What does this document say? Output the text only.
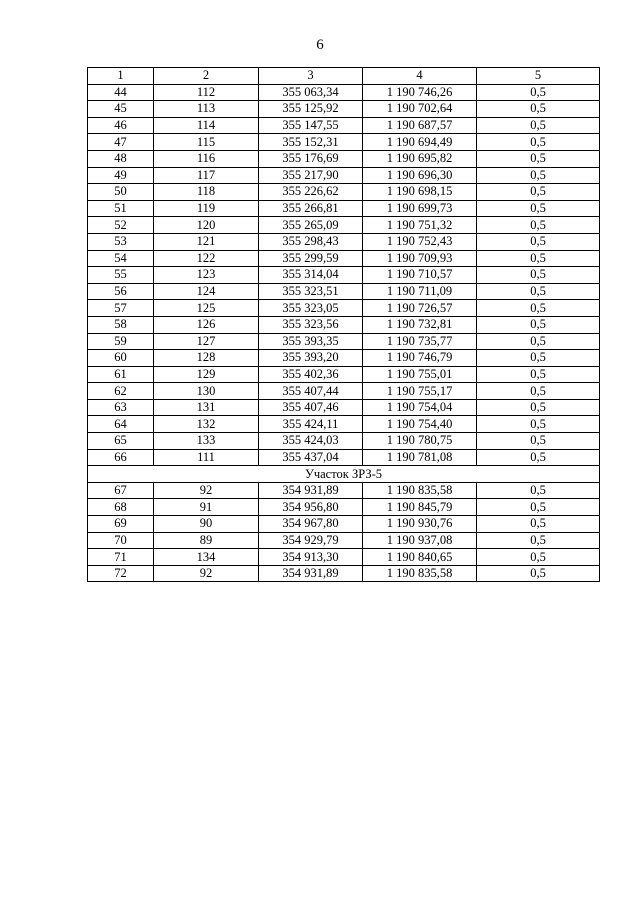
6
1	2	3	4	5
44	112	355 063,34	1 190 746,26	0,5
45	113	355 125,92	1 190 702,64	0,5
46	114	355 147,55	1 190 687,57	0,5
47	115	355 152,31	1 190 694,49	0,5
48	116	355 176,69	1 190 695,82	0,5
49	117	355 217,90	1 190 696,30	0,5
50	118	355 226,62	1 190 698,15	0,5
51	119	355 266,81	1 190 699,73	0,5
52	120	355 265,09	1 190 751,32	0,5
53	121	355 298,43	1 190 752,43	0,5
54	122	355 299,59	1 190 709,93	0,5
55	123	355 314,04	1 190 710,57	0,5
56	124	355 323,51	1 190 711,09	0,5
57	125	355 323,05	1 190 726,57	0,5
58	126	355 323,56	1 190 732,81	0,5
59	127	355 393,35	1 190 735,77	0,5
60	128	355 393,20	1 190 746,79	0,5
61	129	355 402,36	1 190 755,01	0,5
62	130	355 407,44	1 190 755,17	0,5
63	131	355 407,46	1 190 754,04	0,5
64	132	355 424,11	1 190 754,40	0,5
65	133	355 424,03	1 190 780,75	0,5
66	111	355 437,04	1 190 781,08	0,5
Участок ЗРЗ-5				
67	92	354 931,89	1 190 835,58	0,5
68	91	354 956,80	1 190 845,79	0,5
69	90	354 967,80	1 190 930,76	0,5
70	89	354 929,79	1 190 937,08	0,5
71	134	354 913,30	1 190 840,65	0,5
72	92	354 931,89	1 190 835,58	0,5
